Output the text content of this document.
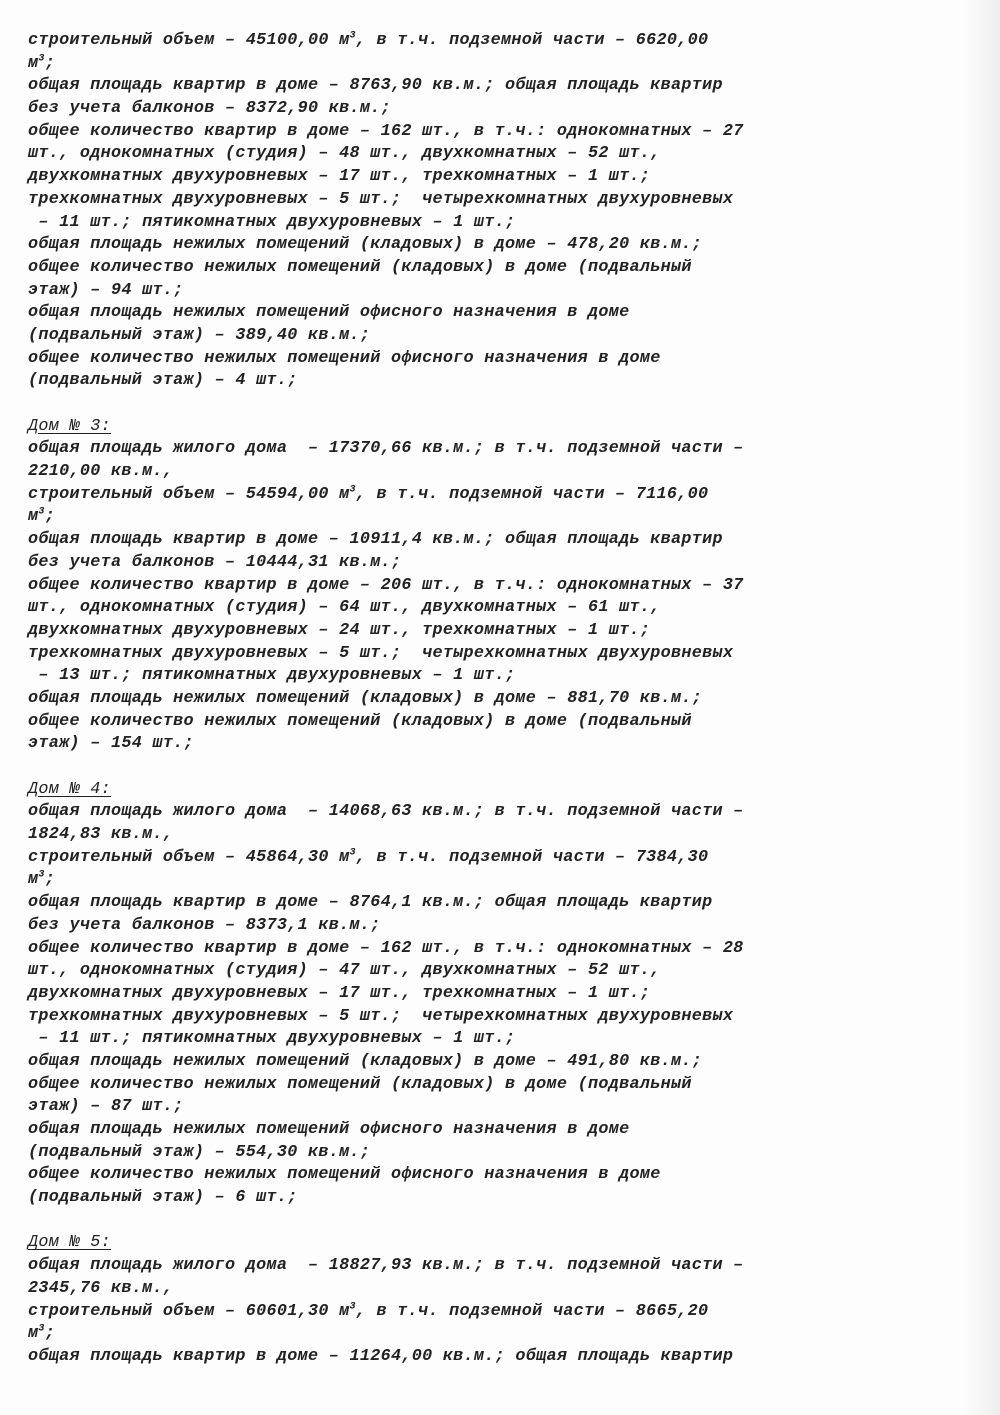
строительный объем – 45100,00 $м^3$, в т.ч. подземной части – 6620,00
$м^3$;
общая площадь квартир в доме – 8763,90 кв.м.; общая площадь квартир
без учета балконов – 8372,90 кв.м.;
общее количество квартир в доме – 162 шт., в т.ч.: однокомнатных – 27
шт., однокомнатных (студия) – 48 шт., двухкомнатных – 52 шт.,
двухкомнатных двухуровневых – 17 шт., трехкомнатных – 1 шт.;
трехкомнатных двухуровневых – 5 шт.;  четырехкомнатных двухуровневых
– 11 шт.; пятикомнатных двухуровневых – 1 шт.;
общая площадь нежилых помещений (кладовых) в доме – 478,20 кв.м.;
общее количество нежилых помещений (кладовых) в доме (подвальный
этаж) – 94 шт.;
общая площадь нежилых помещений офисного назначения в доме
(подвальный этаж) – 389,40 кв.м.;
общее количество нежилых помещений офисного назначения в доме
(подвальный этаж) – 4 шт.;
Дом № 3:
общая площадь жилого дома  – 17370,66 кв.м.; в т.ч. подземной части –
2210,00 кв.м.,
строительный объем – 54594,00 $м^3$, в т.ч. подземной части – 7116,00
$м^3$;
общая площадь квартир в доме – 10911,4 кв.м.; общая площадь квартир
без учета балконов – 10444,31 кв.м.;
общее количество квартир в доме – 206 шт., в т.ч.: однокомнатных – 37
шт., однокомнатных (студия) – 64 шт., двухкомнатных – 61 шт.,
двухкомнатных двухуровневых – 24 шт., трехкомнатных – 1 шт.;
трехкомнатных двухуровневых – 5 шт.;  четырехкомнатных двухуровневых
– 13 шт.; пятикомнатных двухуровневых – 1 шт.;
общая площадь нежилых помещений (кладовых) в доме – 881,70 кв.м.;
общее количество нежилых помещений (кладовых) в доме (подвальный
этаж) – 154 шт.;
Дом № 4:
общая площадь жилого дома  – 14068,63 кв.м.; в т.ч. подземной части –
1824,83 кв.м.,
строительный объем – 45864,30 $м^3$, в т.ч. подземной части – 7384,30
$м^3$;
общая площадь квартир в доме – 8764,1 кв.м.; общая площадь квартир
без учета балконов – 8373,1 кв.м.;
общее количество квартир в доме – 162 шт., в т.ч.: однокомнатных – 28
шт., однокомнатных (студия) – 47 шт., двухкомнатных – 52 шт.,
двухкомнатных двухуровневых – 17 шт., трехкомнатных – 1 шт.;
трехкомнатных двухуровневых – 5 шт.;  четырехкомнатных двухуровневых
– 11 шт.; пятикомнатных двухуровневых – 1 шт.;
общая площадь нежилых помещений (кладовых) в доме – 491,80 кв.м.;
общее количество нежилых помещений (кладовых) в доме (подвальный
этаж) – 87 шт.;
общая площадь нежилых помещений офисного назначения в доме
(подвальный этаж) – 554,30 кв.м.;
общее количество нежилых помещений офисного назначения в доме
(подвальный этаж) – 6 шт.;
Дом № 5:
общая площадь жилого дома  – 18827,93 кв.м.; в т.ч. подземной части –
2345,76 кв.м.,
строительный объем – 60601,30 $м^3$, в т.ч. подземной части – 8665,20
$м^3$;
общая площадь квартир в доме – 11264,00 кв.м.; общая площадь квартир
